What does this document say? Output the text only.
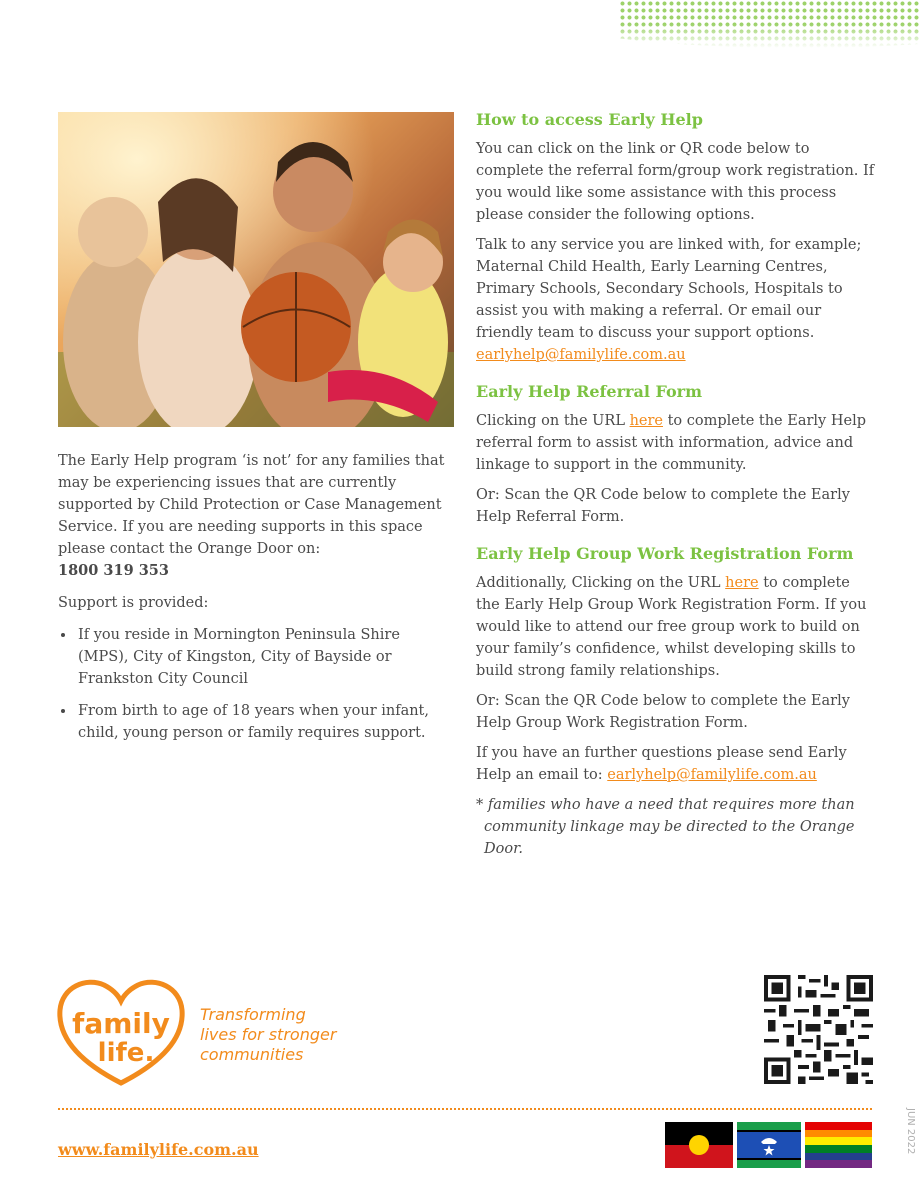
The Early Help program ‘is not’ for any families that may be experiencing issues that are currently supported by Child Protection or Case Management Service. If you are needing supports in this space please contact the Orange Door on:
1800 319 353

Support is provided:

• If you reside in Mornington Peninsula Shire (MPS), City of Kingston, City of Bayside or Frankston City Council
• From birth to age of 18 years when your infant, child, young person or family requires support.
How to access Early Help

You can click on the link or QR code below to complete the referral form/group work registration. If you would like some assistance with this process please consider the following options.

Talk to any service you are linked with, for example; Maternal Child Health, Early Learning Centres, Primary Schools, Secondary Schools, Hospitals to assist you with making a referral. Or email our friendly team to discuss your support options. earlyhelp@familylife.com.au

Early Help Referral Form

Clicking on the URL here to complete the Early Help referral form to assist with information, advice and linkage to support in the community.

Or: Scan the QR Code below to complete the Early Help Referral Form.

Early Help Group Work Registration Form

Additionally, Clicking on the URL here to complete the Early Help Group Work Registration Form. If you would like to attend our free group work to build on your family’s confidence, whilst developing skills to build strong family relationships.

Or: Scan the QR Code below to complete the Early Help Group Work Registration Form.

If you have an further questions please send Early Help an email to: earlyhelp@familylife.com.au

* families who have a need that requires more than community linkage may be directed to the Orange Door.

family
life.
Transforming
lives for stronger
communities
www.familylife.com.au	JUN 2022
